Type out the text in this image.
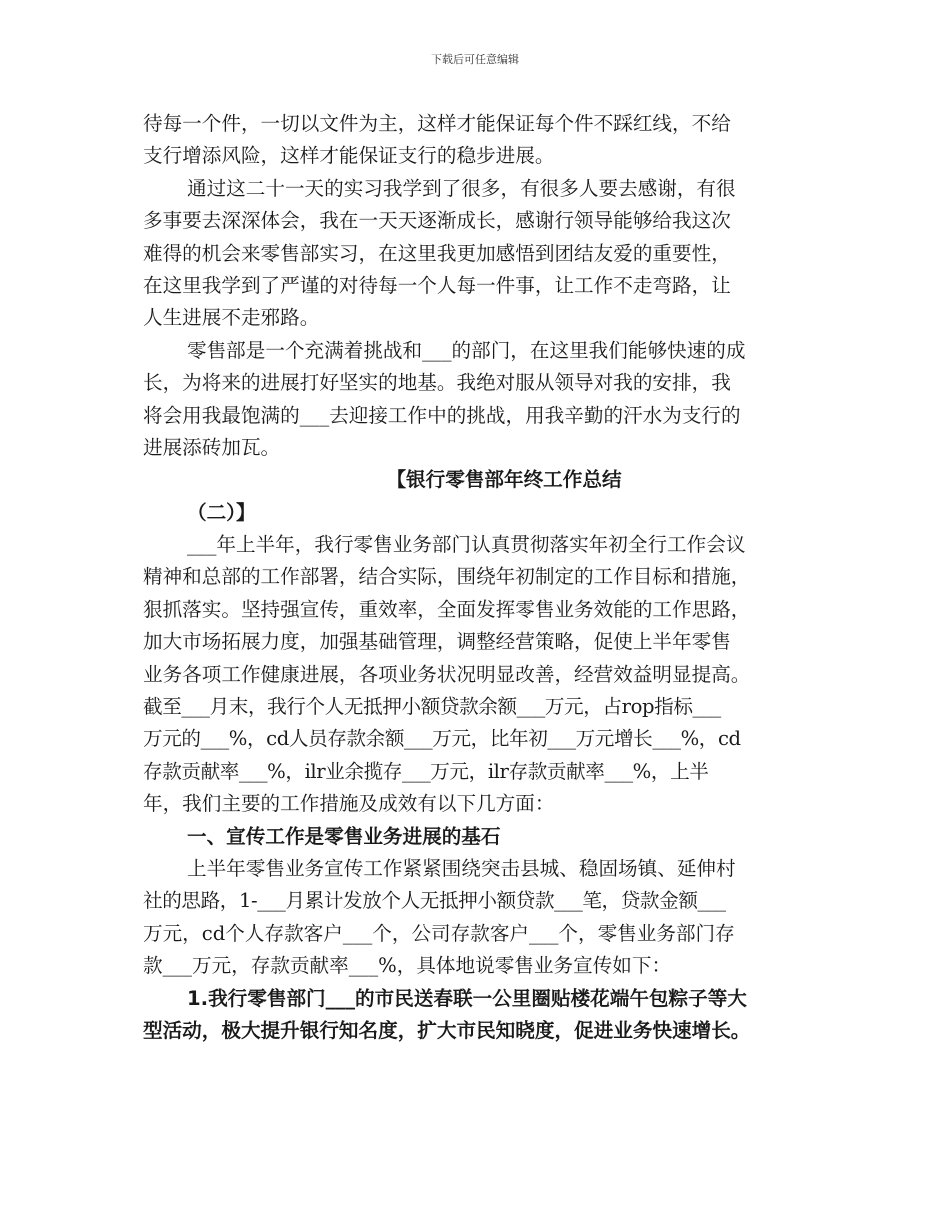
下载后可任意编辑
待每一个件，一切以文件为主，这样才能保证每个件不踩红线，不给
支行增添风险，这样才能保证支行的稳步进展。
通过这二十一天的实习我学到了很多，有很多人要去感谢，有很
多事要去深深体会，我在一天天逐渐成长，感谢行领导能够给我这次
难得的机会来零售部实习，在这里我更加感悟到团结友爱的重要性，
在这里我学到了严谨的对待每一个人每一件事，让工作不走弯路，让
人生进展不走邪路。
零售部是一个充满着挑战和___的部门，在这里我们能够快速的成
长，为将来的进展打好坚实的地基。我绝对服从领导对我的安排，我
将会用我最饱满的___去迎接工作中的挑战，用我辛勤的汗水为支行的
进展添砖加瓦。
【银行零售部年终工作总结
（二）】
___年上半年，我行零售业务部门认真贯彻落实年初全行工作会议
精神和总部的工作部署，结合实际，围绕年初制定的工作目标和措施，
狠抓落实。坚持强宣传，重效率，全面发挥零售业务效能的工作思路，
加大市场拓展力度，加强基础管理，调整经营策略，促使上半年零售
业务各项工作健康进展，各项业务状况明显改善，经营效益明显提高。
截至___月末，我行个人无抵押小额贷款余额___万元，占rop指标___
万元的___%，cd人员存款余额___万元，比年初___万元增长___%，cd
存款贡献率___%，ilr业余揽存___万元，ilr存款贡献率___%，上半
年，我们主要的工作措施及成效有以下几方面：
一、宣传工作是零售业务进展的基石
上半年零售业务宣传工作紧紧围绕突击县城、稳固场镇、延伸村
社的思路，1-___月累计发放个人无抵押小额贷款___笔，贷款金额___
万元，cd个人存款客户___个，公司存款客户___个，零售业务部门存
款___万元，存款贡献率___%，具体地说零售业务宣传如下：
1.我行零售部门___的市民送春联一公里圈贴楼花端午包粽子等大
型活动，极大提升银行知名度，扩大市民知晓度，促进业务快速增长。
